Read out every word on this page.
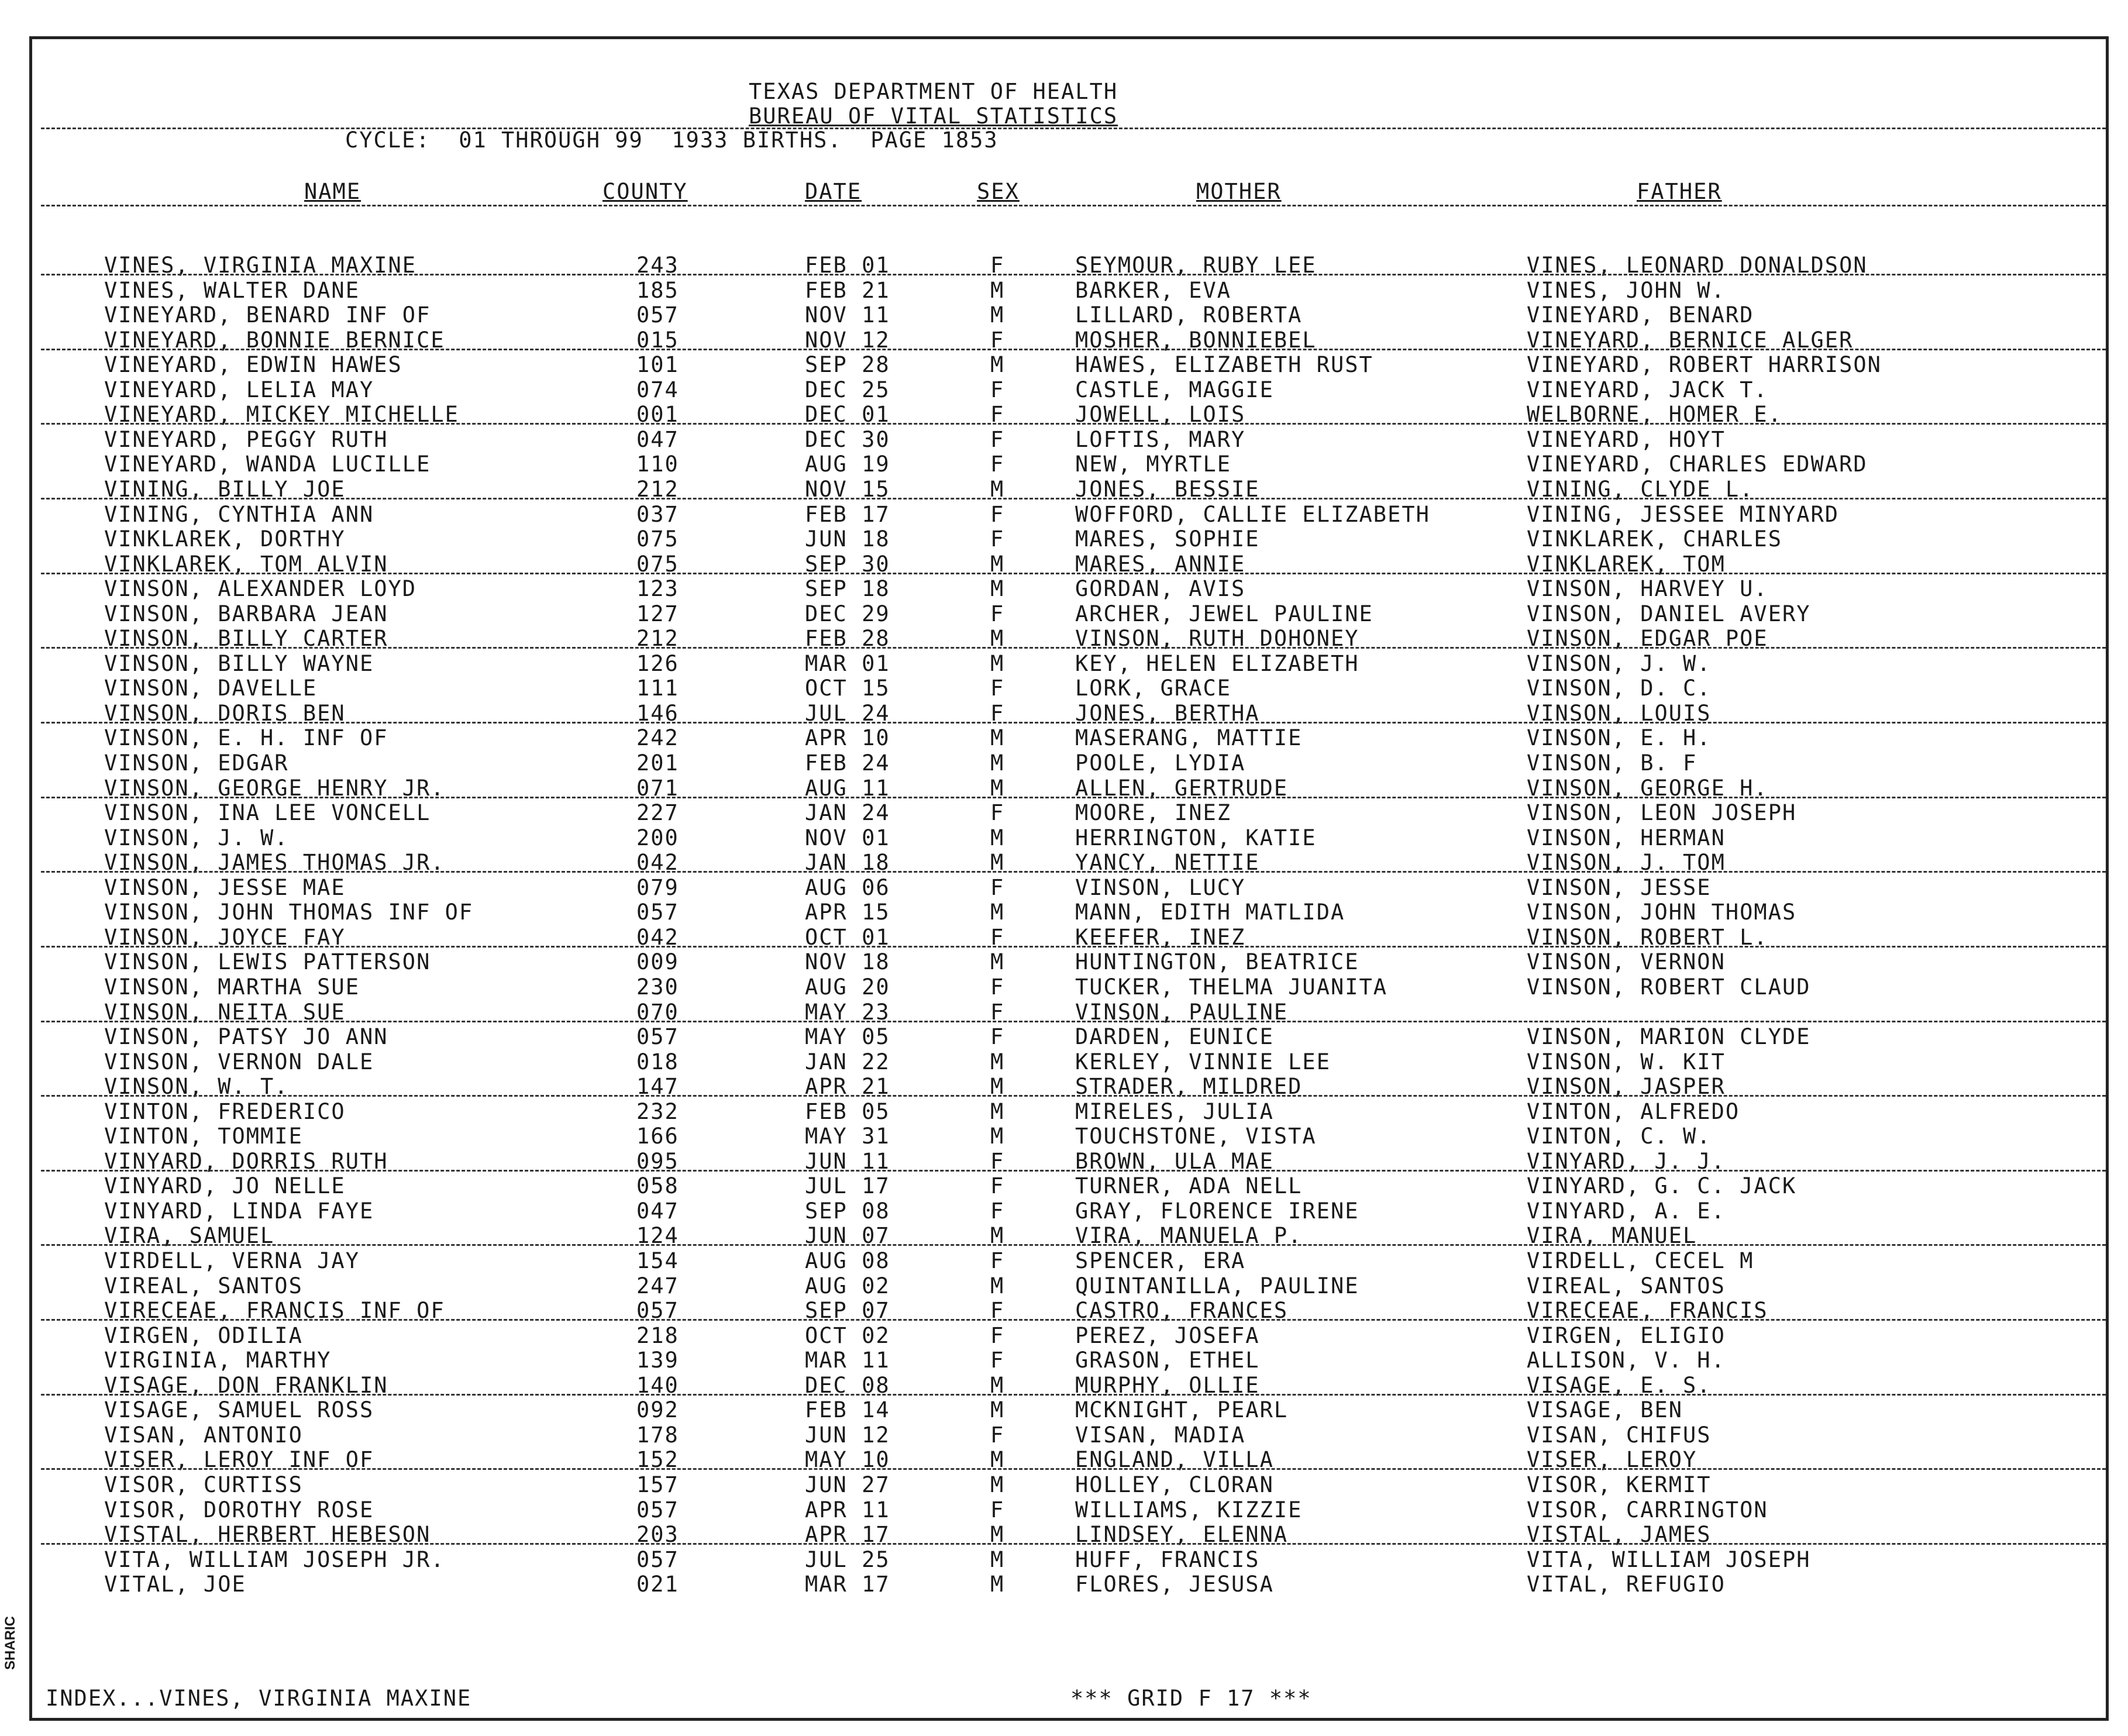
TEXAS DEPARTMENT OF HEALTH
BUREAU OF VITAL STATISTICS
CYCLE:  01 THROUGH 99  1933 BIRTHS.  PAGE 1853
NAME	COUNTY	DATE	SEX	MOTHER	FATHER
VINES, VIRGINIA MAXINE	243	FEB 01	F	SEYMOUR, RUBY LEE	VINES, LEONARD DONALDSON
VINES, WALTER DANE	185	FEB 21	M	BARKER, EVA	VINES, JOHN W.
VINEYARD, BENARD INF OF	057	NOV 11	M	LILLARD, ROBERTA	VINEYARD, BENARD
VINEYARD, BONNIE BERNICE	015	NOV 12	F	MOSHER, BONNIEBEL	VINEYARD, BERNICE ALGER
VINEYARD, EDWIN HAWES	101	SEP 28	M	HAWES, ELIZABETH RUST	VINEYARD, ROBERT HARRISON
VINEYARD, LELIA MAY	074	DEC 25	F	CASTLE, MAGGIE	VINEYARD, JACK T.
VINEYARD, MICKEY MICHELLE	001	DEC 01	F	JOWELL, LOIS	WELBORNE, HOMER E.
VINEYARD, PEGGY RUTH	047	DEC 30	F	LOFTIS, MARY	VINEYARD, HOYT
VINEYARD, WANDA LUCILLE	110	AUG 19	F	NEW, MYRTLE	VINEYARD, CHARLES EDWARD
VINING, BILLY JOE	212	NOV 15	M	JONES, BESSIE	VINING, CLYDE L.
VINING, CYNTHIA ANN	037	FEB 17	F	WOFFORD, CALLIE ELIZABETH	VINING, JESSEE MINYARD
VINKLAREK, DORTHY	075	JUN 18	F	MARES, SOPHIE	VINKLAREK, CHARLES
VINKLAREK, TOM ALVIN	075	SEP 30	M	MARES, ANNIE	VINKLAREK, TOM
VINSON, ALEXANDER LOYD	123	SEP 18	M	GORDAN, AVIS	VINSON, HARVEY U.
VINSON, BARBARA JEAN	127	DEC 29	F	ARCHER, JEWEL PAULINE	VINSON, DANIEL AVERY
VINSON, BILLY CARTER	212	FEB 28	M	VINSON, RUTH DOHONEY	VINSON, EDGAR POE
VINSON, BILLY WAYNE	126	MAR 01	M	KEY, HELEN ELIZABETH	VINSON, J. W.
VINSON, DAVELLE	111	OCT 15	F	LORK, GRACE	VINSON, D. C.
VINSON, DORIS BEN	146	JUL 24	F	JONES, BERTHA	VINSON, LOUIS
VINSON, E. H. INF OF	242	APR 10	M	MASERANG, MATTIE	VINSON, E. H.
VINSON, EDGAR	201	FEB 24	M	POOLE, LYDIA	VINSON, B. F
VINSON, GEORGE HENRY JR.	071	AUG 11	M	ALLEN, GERTRUDE	VINSON, GEORGE H.
VINSON, INA LEE VONCELL	227	JAN 24	F	MOORE, INEZ	VINSON, LEON JOSEPH
VINSON, J. W.	200	NOV 01	M	HERRINGTON, KATIE	VINSON, HERMAN
VINSON, JAMES THOMAS JR.	042	JAN 18	M	YANCY, NETTIE	VINSON, J. TOM
VINSON, JESSE MAE	079	AUG 06	F	VINSON, LUCY	VINSON, JESSE
VINSON, JOHN THOMAS INF OF	057	APR 15	M	MANN, EDITH MATLIDA	VINSON, JOHN THOMAS
VINSON, JOYCE FAY	042	OCT 01	F	KEEFER, INEZ	VINSON, ROBERT L.
VINSON, LEWIS PATTERSON	009	NOV 18	M	HUNTINGTON, BEATRICE	VINSON, VERNON
VINSON, MARTHA SUE	230	AUG 20	F	TUCKER, THELMA JUANITA	VINSON, ROBERT CLAUD
VINSON, NEITA SUE	070	MAY 23	F	VINSON, PAULINE
VINSON, PATSY JO ANN	057	MAY 05	F	DARDEN, EUNICE	VINSON, MARION CLYDE
VINSON, VERNON DALE	018	JAN 22	M	KERLEY, VINNIE LEE	VINSON, W. KIT
VINSON, W. T.	147	APR 21	M	STRADER, MILDRED	VINSON, JASPER
VINTON, FREDERICO	232	FEB 05	M	MIRELES, JULIA	VINTON, ALFREDO
VINTON, TOMMIE	166	MAY 31	M	TOUCHSTONE, VISTA	VINTON, C. W.
VINYARD, DORRIS RUTH	095	JUN 11	F	BROWN, ULA MAE	VINYARD, J. J.
VINYARD, JO NELLE	058	JUL 17	F	TURNER, ADA NELL	VINYARD, G. C. JACK
VINYARD, LINDA FAYE	047	SEP 08	F	GRAY, FLORENCE IRENE	VINYARD, A. E.
VIRA, SAMUEL	124	JUN 07	M	VIRA, MANUELA P.	VIRA, MANUEL
VIRDELL, VERNA JAY	154	AUG 08	F	SPENCER, ERA	VIRDELL, CECEL M
VIREAL, SANTOS	247	AUG 02	M	QUINTANILLA, PAULINE	VIREAL, SANTOS
VIRECEAE, FRANCIS INF OF	057	SEP 07	F	CASTRO, FRANCES	VIRECEAE, FRANCIS
VIRGEN, ODILIA	218	OCT 02	F	PEREZ, JOSEFA	VIRGEN, ELIGIO
VIRGINIA, MARTHY	139	MAR 11	F	GRASON, ETHEL	ALLISON, V. H.
VISAGE, DON FRANKLIN	140	DEC 08	M	MURPHY, OLLIE	VISAGE, E. S.
VISAGE, SAMUEL ROSS	092	FEB 14	M	MCKNIGHT, PEARL	VISAGE, BEN
VISAN, ANTONIO	178	JUN 12	F	VISAN, MADIA	VISAN, CHIFUS
VISER, LEROY INF OF	152	MAY 10	M	ENGLAND, VILLA	VISER, LEROY
VISOR, CURTISS	157	JUN 27	M	HOLLEY, CLORAN	VISOR, KERMIT
VISOR, DOROTHY ROSE	057	APR 11	F	WILLIAMS, KIZZIE	VISOR, CARRINGTON
VISTAL, HERBERT HEBESON	203	APR 17	M	LINDSEY, ELENNA	VISTAL, JAMES
VITA, WILLIAM JOSEPH JR.	057	JUL 25	M	HUFF, FRANCIS	VITA, WILLIAM JOSEPH
VITAL, JOE	021	MAR 17	M	FLORES, JESUSA	VITAL, REFUGIO
INDEX...VINES, VIRGINIA MAXINE	*** GRID F 17 ***
SHARIC
